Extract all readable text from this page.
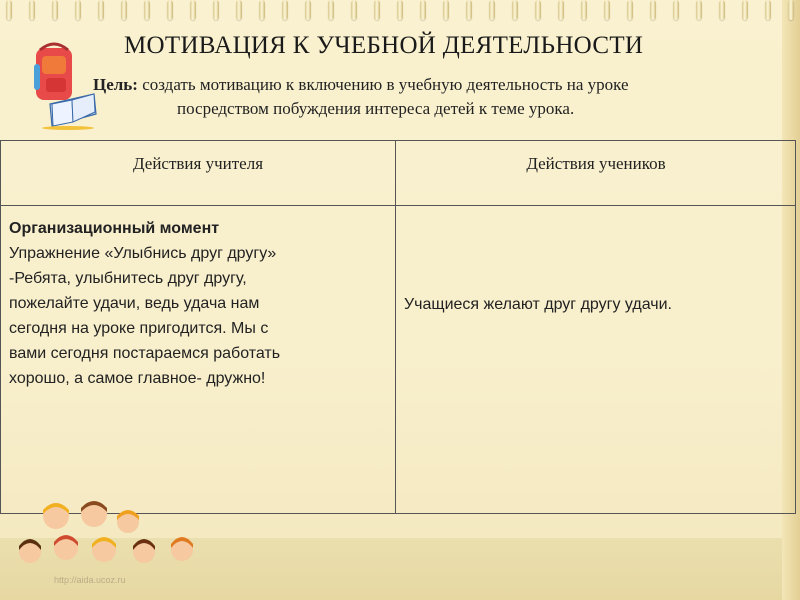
МОТИВАЦИЯ К УЧЕБНОЙ ДЕЯТЕЛЬНОСТИ
Цель: создать мотивацию к включению в учебную деятельность на уроке
посредством побуждения интереса детей к теме урока.
Действия учителя	Действия учеников

Организационный момент

Упражнение «Улыбнись друг другу»

-Ребята, улыбнитесь друг другу,

пожелайте удачи, ведь удача нам

сегодня на уроке пригодится. Мы с

вами сегодня постараемся работать

хорошо, а самое главное- дружно!

Учащиеся желают друг другу удачи.
http://aida.ucoz.ru
